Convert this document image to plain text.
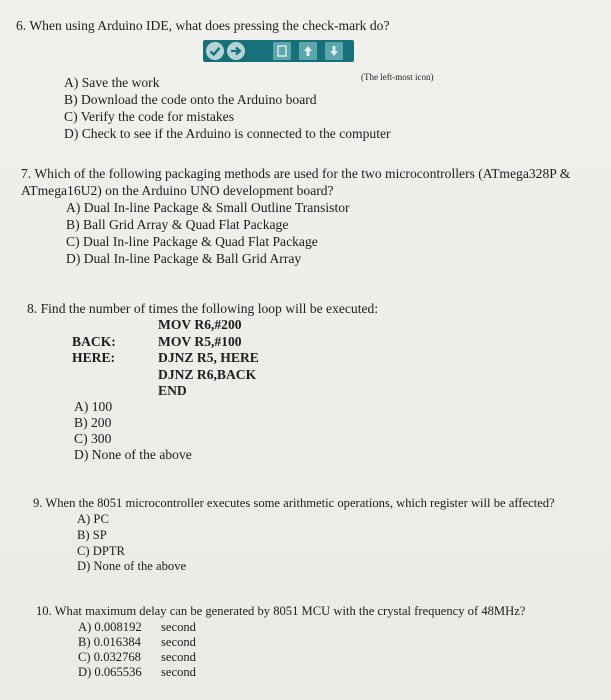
6. When using Arduino IDE, what does pressing the check-mark do?
(The left-most icon)
A) Save the work
B) Download the code onto the Arduino board
C) Verify the code for mistakes
D) Check to see if the Arduino is connected to the computer
7. Which of the following packaging methods are used for the two microcontrollers (ATmega328P &
ATmega16U2) on the Arduino UNO development board?
A) Dual In-line Package & Small Outline Transistor
B) Ball Grid Array & Quad Flat Package
C) Dual In-line Package & Quad Flat Package
D) Dual In-line Package & Ball Grid Array
8. Find the number of times the following loop will be executed:
MOV R6,#200
BACK:	MOV R5,#100
HERE:	DJNZ R5, HERE
DJNZ R6,BACK
END
A) 100
B) 200
C) 300
D) None of the above
9. When the 8051 microcontroller executes some arithmetic operations, which register will be affected?
A) PC
B) SP
C) DPTR
D) None of the above
10. What maximum delay can be generated by 8051 MCU with the crystal frequency of 48MHz?
A) 0.008192 second
B) 0.016384 second
C) 0.032768 second
D) 0.065536 second
